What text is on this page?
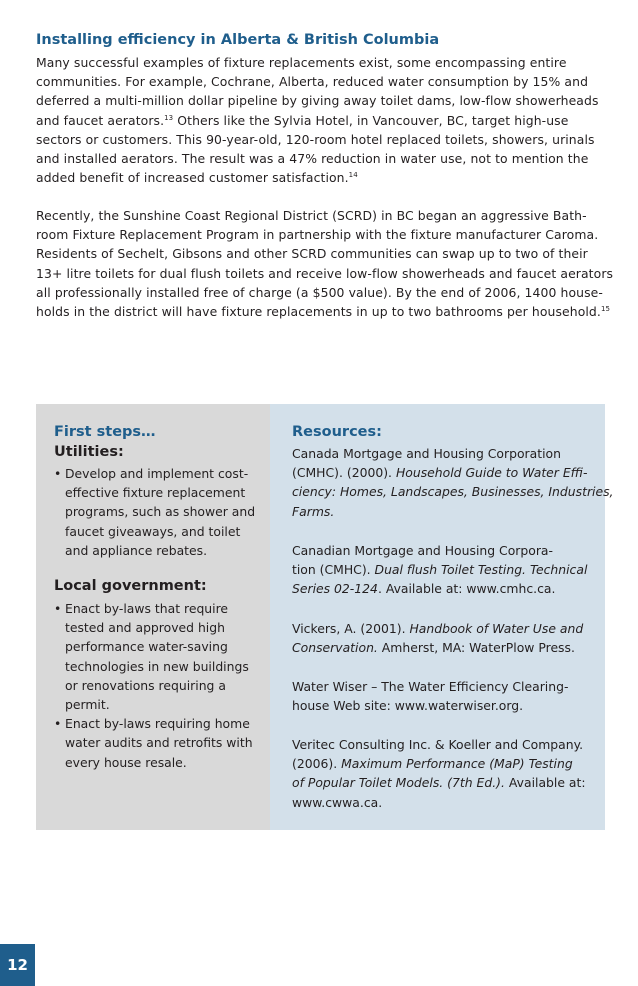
Installing efficiency in Alberta & British Columbia

Many successful examples of fixture replacements exist, some encompassing entire
communities. For example, Cochrane, Alberta, reduced water consumption by 15% and
deferred a multi-million dollar pipeline by giving away toilet dams, low-flow showerheads
and faucet aerators.$^{13}$ Others like the Sylvia Hotel, in Vancouver, BC, target high-use
sectors or customers. This 90-year-old, 120-room hotel replaced toilets, showers, urinals
and installed aerators. The result was a 47% reduction in water use, not to mention the
added benefit of increased customer satisfaction.$^{14}$

Recently, the Sunshine Coast Regional District (SCRD) in BC began an aggressive Bath-
room Fixture Replacement Program in partnership with the fixture manufacturer Caroma.
Residents of Sechelt, Gibsons and other SCRD communities can swap up to two of their
13+ litre toilets for dual flush toilets and receive low-flow showerheads and faucet aerators
all professionally installed free of charge (a $500 value). By the end of 2006, 1400 house-
holds in the district will have fixture replacements in up to two bathrooms per household.$^{15}$

First steps…
Utilities:
• Develop and implement cost-
effective fixture replacement
programs, such as shower and
faucet giveaways, and toilet
and appliance rebates.
Local government:
• Enact by-laws that require
tested and approved high
performance water-saving
technologies in new buildings
or renovations requiring a
permit.
• Enact by-laws requiring home
water audits and retrofits with
every house resale.
Resources:

Canada Mortgage and Housing Corporation
(CMHC). (2000). Household Guide to Water Effi-
ciency: Homes, Landscapes, Businesses, Industries,
Farms.

Canadian Mortgage and Housing Corpora-
tion (CMHC). Dual flush Toilet Testing. Technical
Series 02-124. Available at: www.cmhc.ca.

Vickers, A. (2001). Handbook of Water Use and
Conservation. Amherst, MA: WaterPlow Press.

Water Wiser – The Water Efficiency Clearing-
house Web site: www.waterwiser.org.

Veritec Consulting Inc. & Koeller and Company.
(2006). Maximum Performance (MaP) Testing
of Popular Toilet Models. (7th Ed.). Available at:
www.cwwa.ca.

12
